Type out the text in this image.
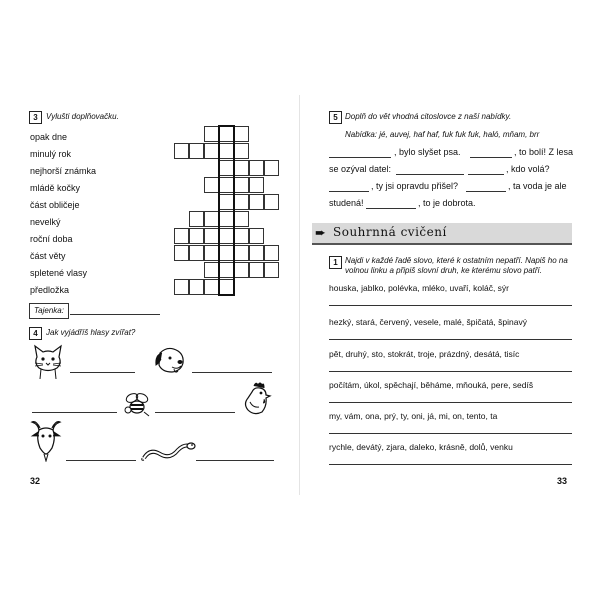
3	Vylušti doplňovačku.
opak dne
minulý rok
nejhorší známka
mládě kočky
část obličeje
nevelký
roční doba
část věty
spletené vlasy
předložka
Tajenka:
4	Jak vyjádříš hlasy zvířat?
32
5 Doplň do vět vhodná citoslovce z naší nabídky.
Nabídka: jé, auvej, haf haf, fuk fuk fuk, haló, mňam, brr
, bylo slyšet psa.	, to bolí! Z lesa
se ozýval datel:	, kdo volá?
, ty jsi opravdu přišel?	, ta voda je ale
studená!	, to je dobrota.
➨ Souhrnná cvičení
1 Najdi v každé řadě slovo, které k ostatním nepatří. Napiš ho na
volnou linku a připiš slovní druh, ke kterému slovo patří.
houska, jablko, polévka, mléko, uvaří, koláč, sýr
hezký, stará, červený, vesele, malé, špičatá, špinavý
pět, druhý, sto, stokrát, troje, prázdný, desátá, tisíc
počítám, úkol, spěchají, běháme, mňouká, pere, sedíš
my, vám, ona, prý, ty, oni, já, mi, on, tento, ta
rychle, devátý, zjara, daleko, krásně, dolů, venku
33
